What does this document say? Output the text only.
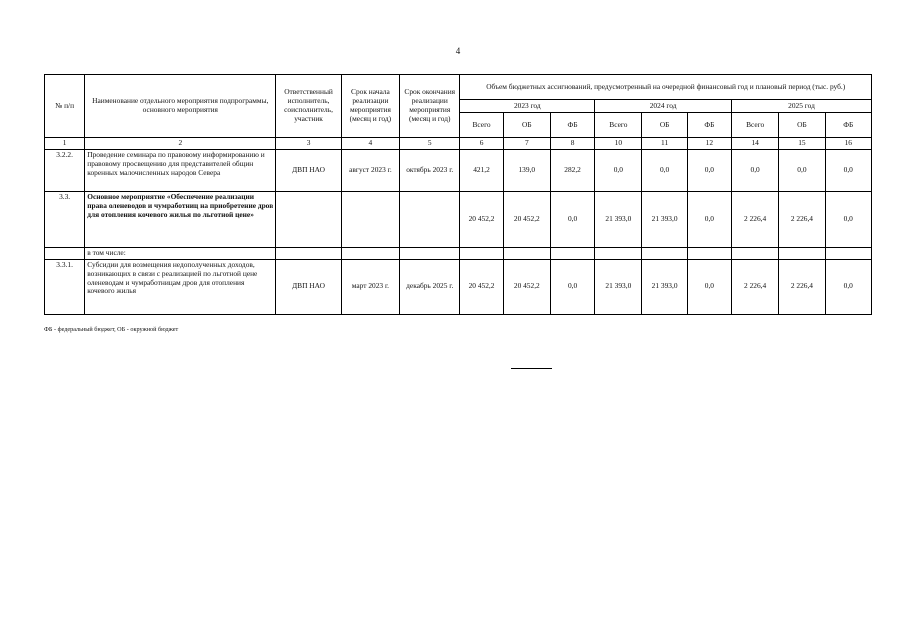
4
№ п/п	Наименование отдельного мероприятия подпрограммы, основного мероприятия	Ответственный исполнитель, соисполнитель, участник	Срок начала реализации мероприятия (месяц и год)	Срок окончания реализации мероприятия (месяц и год)	Объем бюджетных ассигнований, предусмотренный на очередной финансовый год и плановый период (тыс. руб.)								
					2023 год			2024 год			2025 год		
					Всего	ОБ	ФБ	Всего	ОБ	ФБ	Всего	ОБ	ФБ
1	2	3	4	5	6	7	8	10	11	12	14	15	16
3.2.2.	Проведение семинара по правовому информированию и правовому просвещению для представителей общин коренных малочисленных народов Севера	ДВП НАО	август 2023 г.	октябрь 2023 г.	421,2	139,0	282,2	0,0	0,0	0,0	0,0	0,0	0,0
3.3.	Основное мероприятие «Обеспечение реализации права оленеводов и чумработниц на приобретение дров для отопления кочевого жилья по льготной цене»				20 452,2	20 452,2	0,0	21 393,0	21 393,0	0,0	2 226,4	2 226,4	0,0
	в том числе:												
3.3.1.	Субсидии для возмещения недополученных доходов, возникающих в связи с реализацией по льготной цене оленеводам и чумработницам дров для отопления кочевого жилья	ДВП НАО	март 2023 г.	декабрь 2025 г.	20 452,2	20 452,2	0,0	21 393,0	21 393,0	0,0	2 226,4	2 226,4	0,0
ФБ - федеральный бюджет, ОБ - окружной бюджет
